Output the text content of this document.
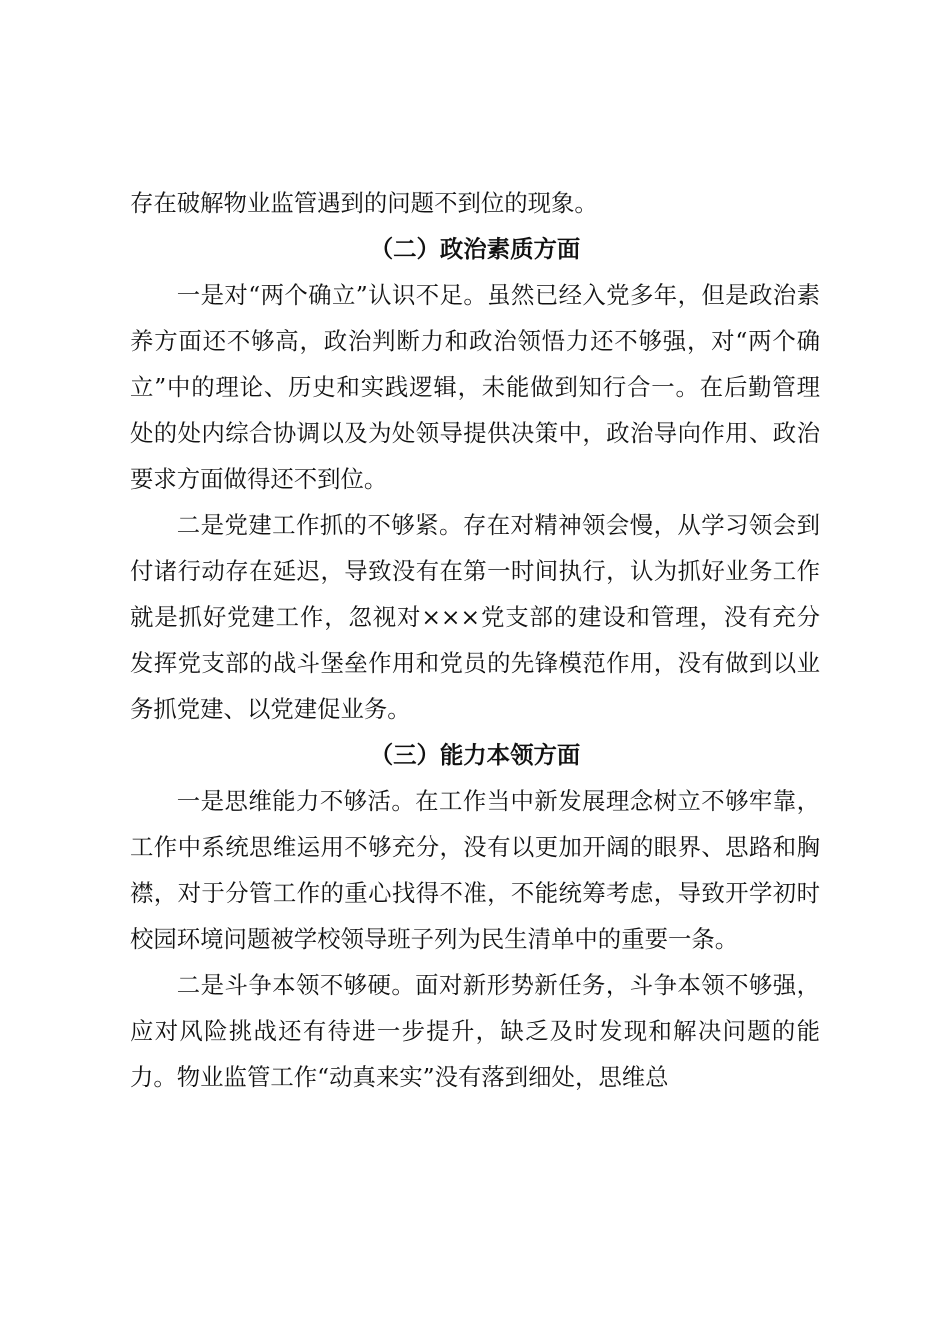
存在破解物业监管遇到的问题不到位的现象。

（二）政治素质方面

一是对“两个确立”认识不足。虽然已经入党多年，但是政治素养方面还不够高，政治判断力和政治领悟力还不够强，对“两个确立”中的理论、历史和实践逻辑，未能做到知行合一。在后勤管理处的处内综合协调以及为处领导提供决策中，政治导向作用、政治要求方面做得还不到位。

二是党建工作抓的不够紧。存在对精神领会慢，从学习领会到付诸行动存在延迟，导致没有在第一时间执行，认为抓好业务工作就是抓好党建工作，忽视对×××党支部的建设和管理，没有充分发挥党支部的战斗堡垒作用和党员的先锋模范作用，没有做到以业务抓党建、以党建促业务。

（三）能力本领方面

一是思维能力不够活。在工作当中新发展理念树立不够牢靠，工作中系统思维运用不够充分，没有以更加开阔的眼界、思路和胸襟，对于分管工作的重心找得不准，不能统筹考虑，导致开学初时校园环境问题被学校领导班子列为民生清单中的重要一条。

二是斗争本领不够硬。面对新形势新任务，斗争本领不够强，应对风险挑战还有待进一步提升，缺乏及时发现和解决问题的能力。物业监管工作“动真来实”没有落到细处，思维总
